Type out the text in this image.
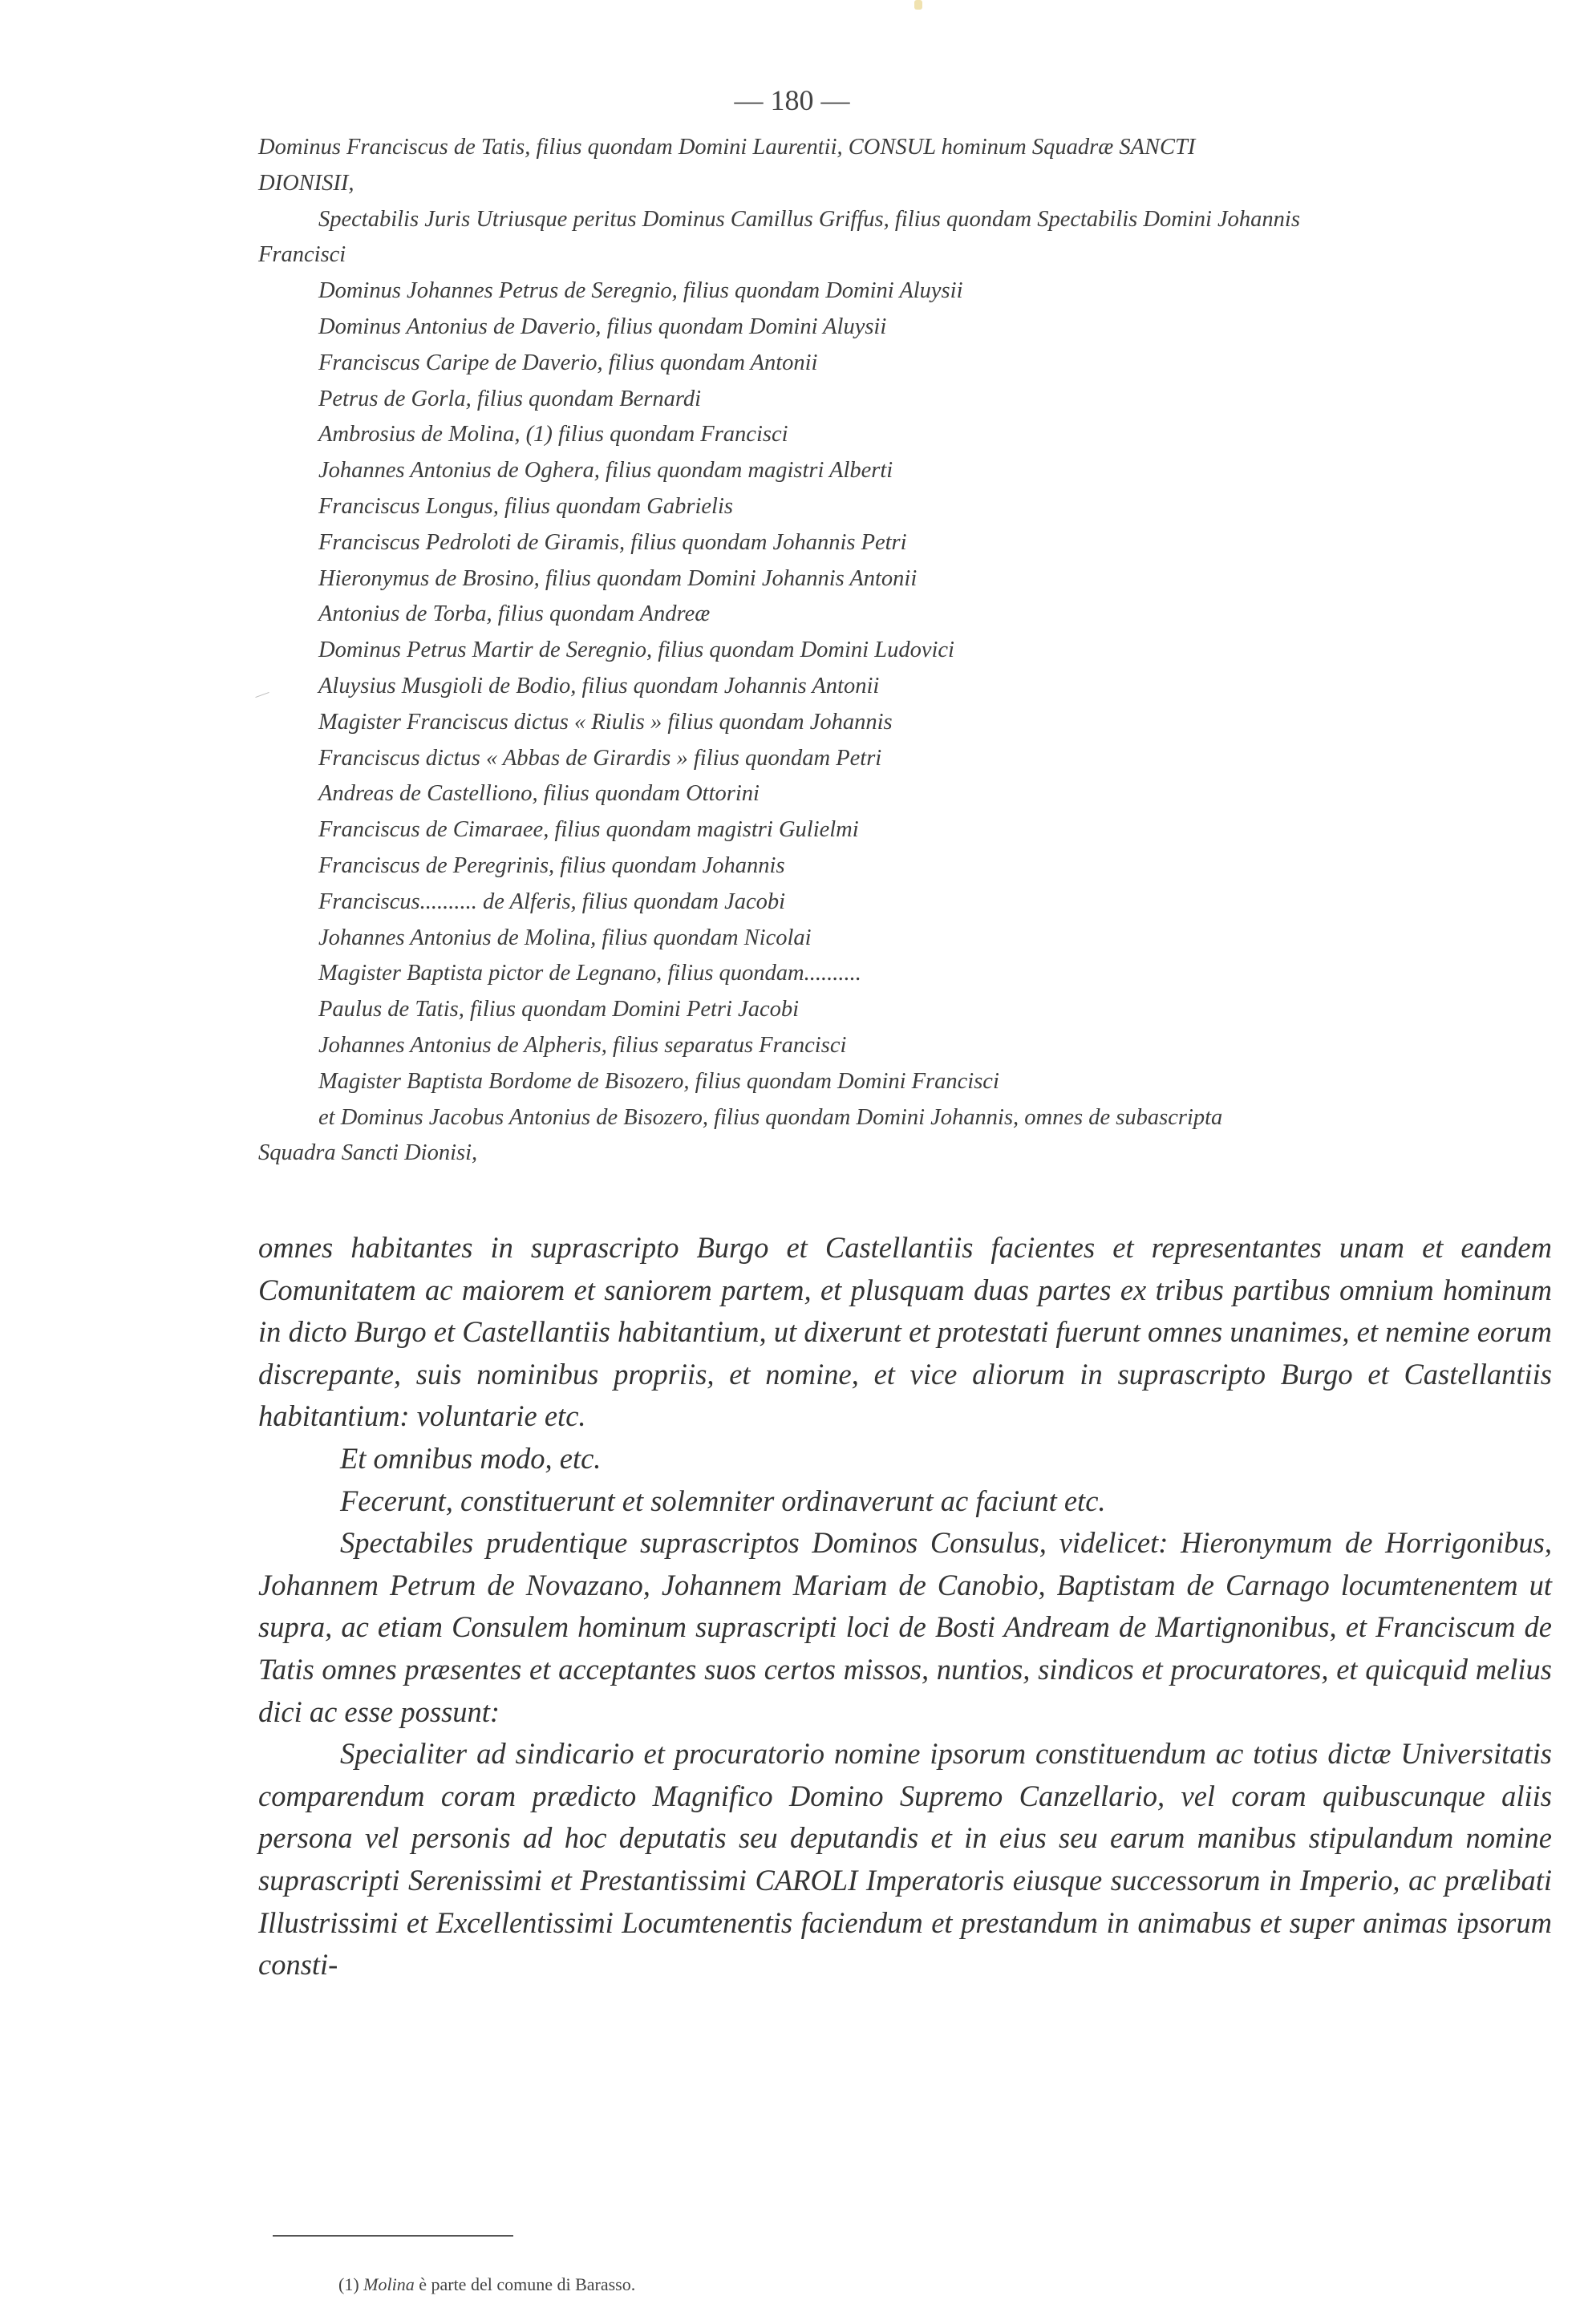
— 180 —
Dominus Franciscus de Tatis, filius quondam Domini Laurentii, CONSUL hominum Squadræ SANCTI
DIONISII,
Spectabilis Juris Utriusque peritus Dominus Camillus Griffus, filius quondam Spectabilis Domini Johannis
Francisci
Dominus Johannes Petrus de Seregnio, filius quondam Domini Aluysii
Dominus Antonius de Daverio, filius quondam Domini Aluysii
Franciscus Caripe de Daverio, filius quondam Antonii
Petrus de Gorla, filius quondam Bernardi
Ambrosius de Molina, (1) filius quondam Francisci
Johannes Antonius de Oghera, filius quondam magistri Alberti
Franciscus Longus, filius quondam Gabrielis
Franciscus Pedroloti de Giramis, filius quondam Johannis Petri
Hieronymus de Brosino, filius quondam Domini Johannis Antonii
Antonius de Torba, filius quondam Andreæ
Dominus Petrus Martir de Seregnio, filius quondam Domini Ludovici
Aluysius Musgioli de Bodio, filius quondam Johannis Antonii
Magister Franciscus dictus « Riulis » filius quondam Johannis
Franciscus dictus « Abbas de Girardis » filius quondam Petri
Andreas de Castelliono, filius quondam Ottorini
Franciscus de Cimaraee, filius quondam magistri Gulielmi
Franciscus de Peregrinis, filius quondam Johannis
Franciscus.......... de Alferis, filius quondam Jacobi
Johannes Antonius de Molina, filius quondam Nicolai
Magister Baptista pictor de Legnano, filius quondam..........
Paulus de Tatis, filius quondam Domini Petri Jacobi
Johannes Antonius de Alpheris, filius separatus Francisci
Magister Baptista Bordome de Bisozero, filius quondam Domini Francisci
et Dominus Jacobus Antonius de Bisozero, filius quondam Domini Johannis, omnes de subascripta
Squadra Sancti Dionisi,

omnes habitantes in suprascripto Burgo et Castellantiis facientes et representantes unam et eandem Comunitatem ac maiorem et saniorem partem, et plusquam duas partes ex tribus partibus omnium hominum in dicto Burgo et Castellantiis habitantium, ut dixerunt et protestati fuerunt omnes unanimes, et nemine eorum discrepante, suis nominibus propriis, et nomine, et vice aliorum in suprascripto Burgo et Castellantiis habitantium: voluntarie etc.

Et omnibus modo, etc.

Fecerunt, constituerunt et solemniter ordinaverunt ac faciunt etc.

Spectabiles prudentique suprascriptos Dominos Consulus, videlicet: Hieronymum de Horrigonibus, Johannem Petrum de Novazano, Johannem Mariam de Canobio, Baptistam de Carnago locumtenentem ut supra, ac etiam Consulem hominum suprascripti loci de Bosti Andream de Martignonibus, et Franciscum de Tatis omnes præsentes et acceptantes suos certos missos, nuntios, sindicos et procuratores, et quicquid melius dici ac esse possunt:

Specialiter ad sindicario et procuratorio nomine ipsorum constituendum ac totius dictæ Universitatis comparendum coram prædicto Magnifico Domino Supremo Canzellario, vel coram quibuscunque aliis persona vel personis ad hoc deputatis seu deputandis et in eius seu earum manibus stipulandum nomine suprascripti Serenissimi et Prestantissimi CAROLI Imperatoris eiusque successorum in Imperio, ac prælibati Illustrissimi et Excellentissimi Locumtenentis faciendum et prestandum in animabus et super animas ipsorum consti-

(1) Molina è parte del comune di Barasso.
